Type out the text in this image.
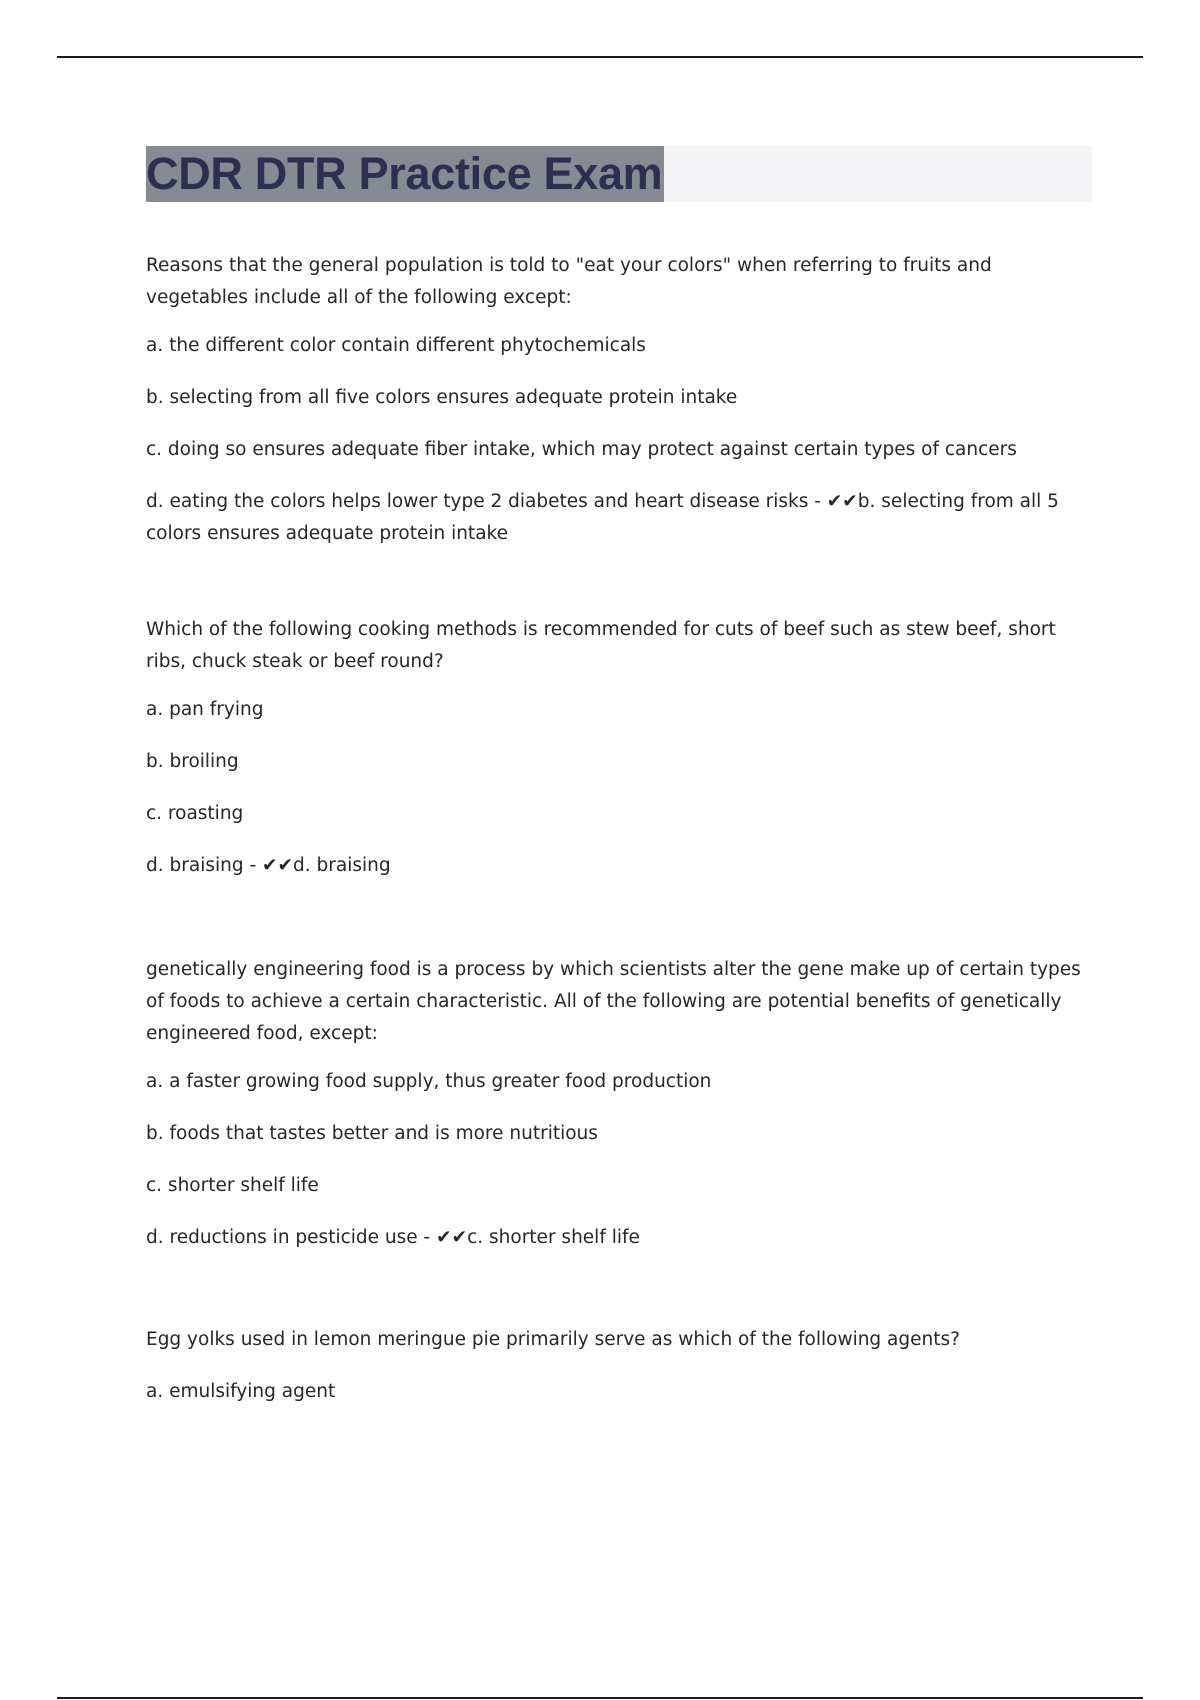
CDR DTR Practice Exam
Reasons that the general population is told to "eat your colors" when referring to fruits and vegetables include all of the following except:
a. the different color contain different phytochemicals
b. selecting from all five colors ensures adequate protein intake
c. doing so ensures adequate fiber intake, which may protect against certain types of cancers
d. eating the colors helps lower type 2 diabetes and heart disease risks - ✔✔b. selecting from all 5 colors ensures adequate protein intake
Which of the following cooking methods is recommended for cuts of beef such as stew beef, short ribs, chuck steak or beef round?
a. pan frying
b. broiling
c. roasting
d. braising - ✔✔d. braising
genetically engineering food is a process by which scientists alter the gene make up of certain types of foods to achieve a certain characteristic. All of the following are potential benefits of genetically engineered food, except:
a. a faster growing food supply, thus greater food production
b. foods that tastes better and is more nutritious
c. shorter shelf life
d. reductions in pesticide use - ✔✔c. shorter shelf life
Egg yolks used in lemon meringue pie primarily serve as which of the following agents?
a. emulsifying agent
